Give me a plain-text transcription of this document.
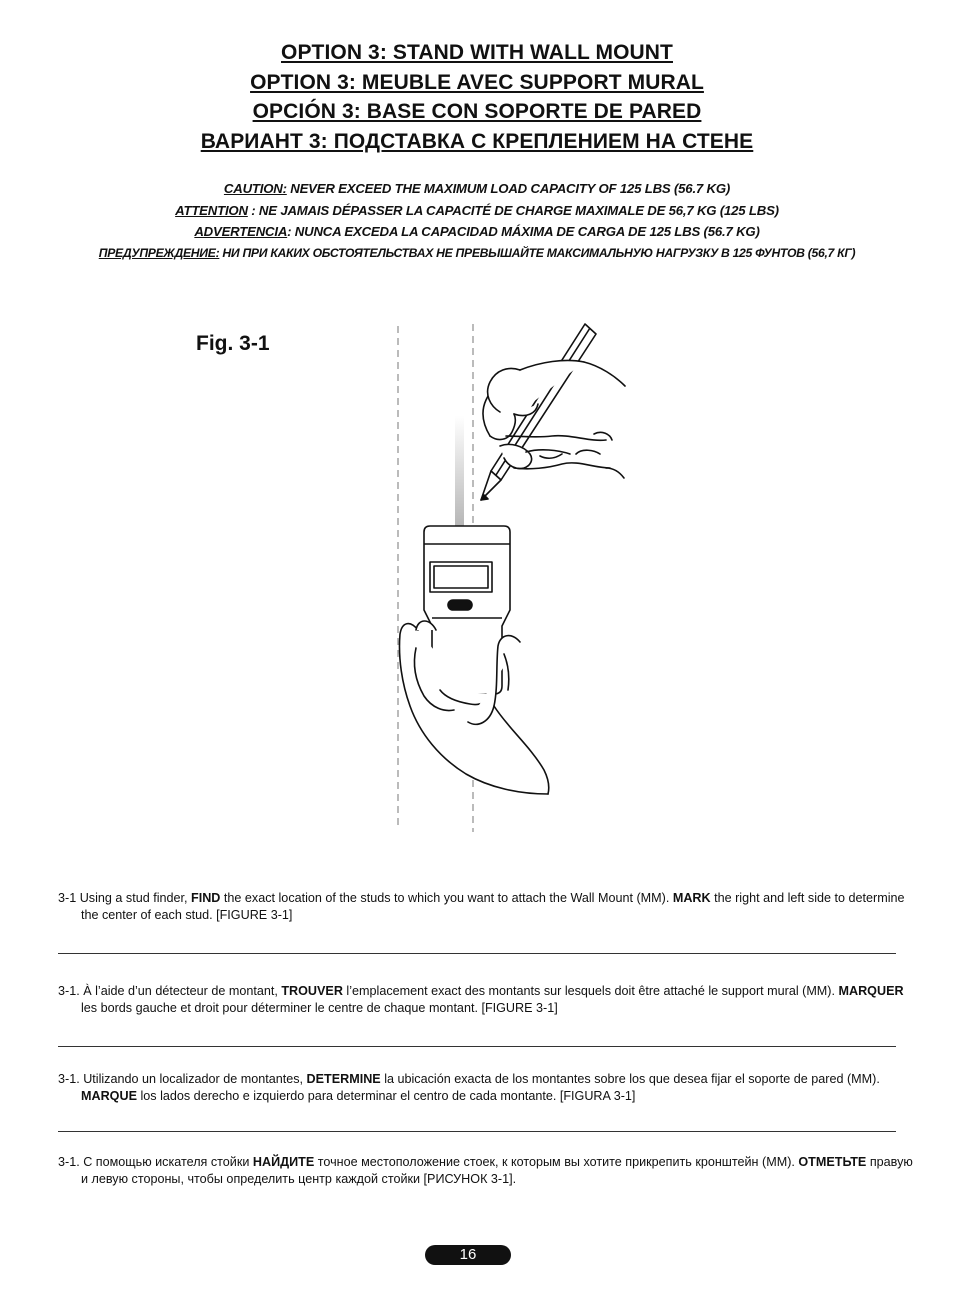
OPTION 3: STAND WITH WALL MOUNT
OPTION 3: MEUBLE AVEC SUPPORT MURAL
OPCIÓN 3: BASE CON SOPORTE DE PARED
ВАРИАНТ 3: ПОДСТАВКА С КРЕПЛЕНИЕМ НА СТЕНЕ
CAUTION: NEVER EXCEED THE MAXIMUM LOAD CAPACITY OF 125 LBS (56.7 KG)
ATTENTION : NE JAMAIS DÉPASSER LA CAPACITÉ DE CHARGE MAXIMALE DE 56,7 KG (125 LBS)
ADVERTENCIA: NUNCA EXCEDA LA CAPACIDAD MÁXIMA DE CARGA DE 125 LBS (56.7 KG)
ПРЕДУПРЕЖДЕНИЕ: НИ ПРИ КАКИХ ОБСТОЯТЕЛЬСТВАХ НЕ ПРЕВЫШАЙТЕ МАКСИМАЛЬНУЮ НАГРУЗКУ В 125 ФУНТОВ (56,7 КГ)
Fig. 3-1
3-1 Using a stud finder, FIND the exact location of the studs to which you want to attach the Wall Mount (MM). MARK the right and left side to determine the center of each stud. [FIGURE 3-1]
3-1. À l’aide d’un détecteur de montant, TROUVER l’emplacement exact des montants sur lesquels doit être attaché le support mural (MM). MARQUER les bords gauche et droit pour déterminer le centre de chaque montant. [FIGURE 3-1]
3-1. Utilizando un localizador de montantes, DETERMINE la ubicación exacta de los montantes sobre los que desea fijar el soporte de pared (MM). MARQUE los lados derecho e izquierdo para determinar el centro de cada montante. [FIGURA 3-1]
3-1. С помощью искателя стойки НАЙДИТЕ точное местоположение стоек, к которым вы хотите прикрепить кронштейн (ММ). ОТМЕТЬТЕ правую и левую стороны, чтобы определить центр каждой стойки [РИСУНОК 3-1].
16
